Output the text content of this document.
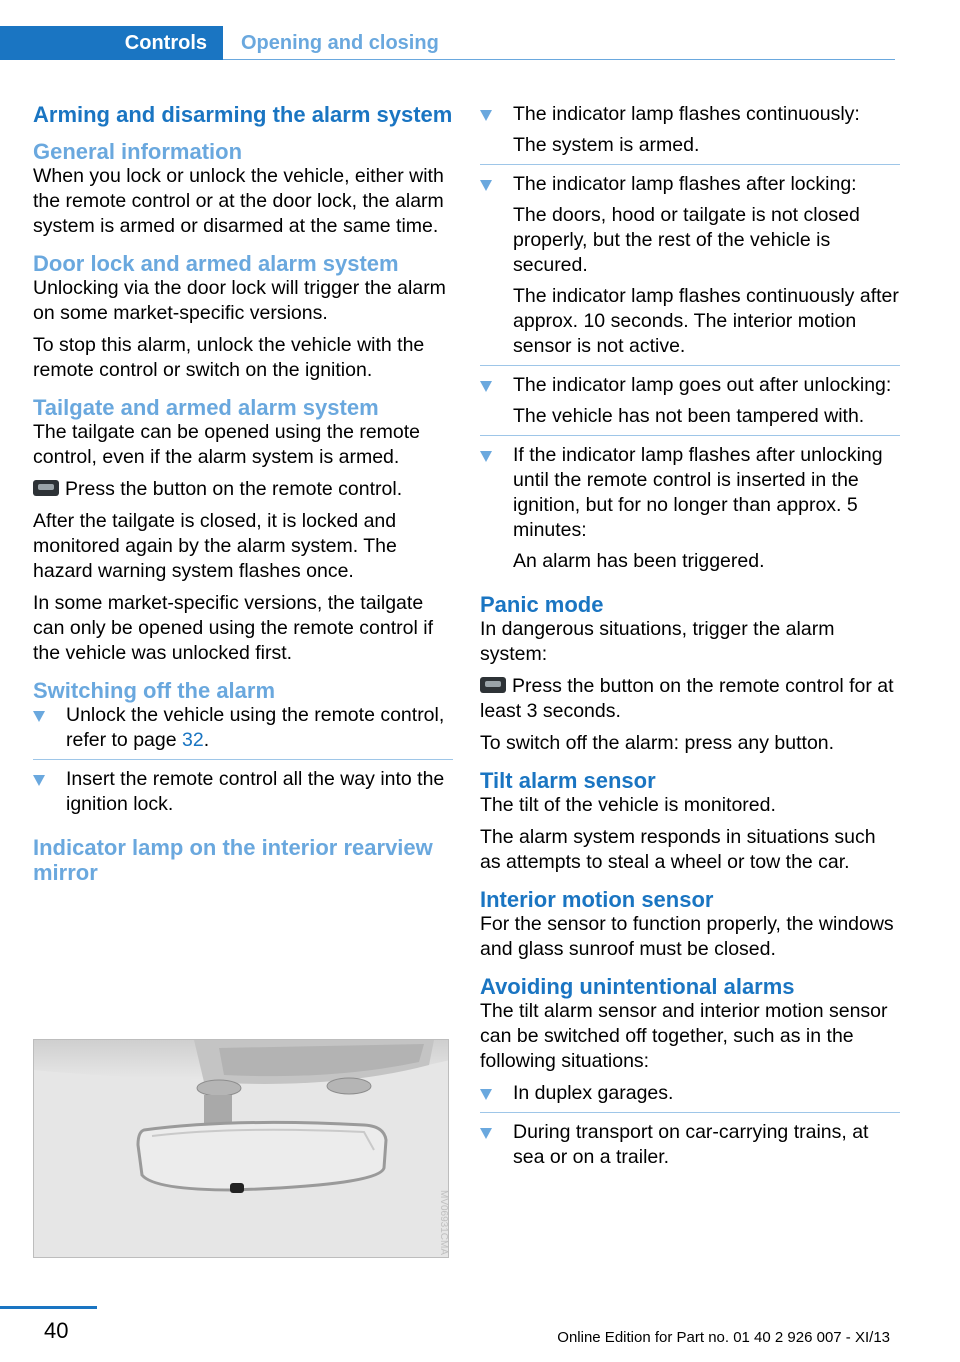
Controls	Opening and closing
Arming and disarming the alarm system
General information

When you lock or unlock the vehicle, either with the remote control or at the door lock, the alarm system is armed or disarmed at the same time.

Door lock and armed alarm system

Unlocking via the door lock will trigger the alarm on some market-specific versions.

To stop this alarm, unlock the vehicle with the remote control or switch on the ignition.

Tailgate and armed alarm system

The tailgate can be opened using the remote control, even if the alarm system is armed.

Press the button on the remote control.

After the tailgate is closed, it is locked and monitored again by the alarm system. The hazard warning system flashes once.

In some market-specific versions, the tailgate can only be opened using the remote control if the vehicle was unlocked first.

Switching off the alarm

Unlock the vehicle using the remote control, refer to page 32.

Insert the remote control all the way into the ignition lock.

Indicator lamp on the interior rearview mirror
MV06931CMA

The indicator lamp flashes continuously:

The system is armed.

The indicator lamp flashes after locking:

The doors, hood or tailgate is not closed properly, but the rest of the vehicle is secured.

The indicator lamp flashes continuously after approx. 10 seconds. The interior motion sensor is not active.

The indicator lamp goes out after unlocking:

The vehicle has not been tampered with.

If the indicator lamp flashes after unlocking until the remote control is inserted in the ignition, but for no longer than approx. 5 minutes:

An alarm has been triggered.

Panic mode

In dangerous situations, trigger the alarm system:

Press the button on the remote control for at least 3 seconds.

To switch off the alarm: press any button.

Tilt alarm sensor

The tilt of the vehicle is monitored.

The alarm system responds in situations such as attempts to steal a wheel or tow the car.

Interior motion sensor

For the sensor to function properly, the windows and glass sunroof must be closed.

Avoiding unintentional alarms

The tilt alarm sensor and interior motion sensor can be switched off together, such as in the following situations:

In duplex garages.

During transport on car-carrying trains, at sea or on a trailer.

40	Online Edition for Part no. 01 40 2 926 007 - XI/13
